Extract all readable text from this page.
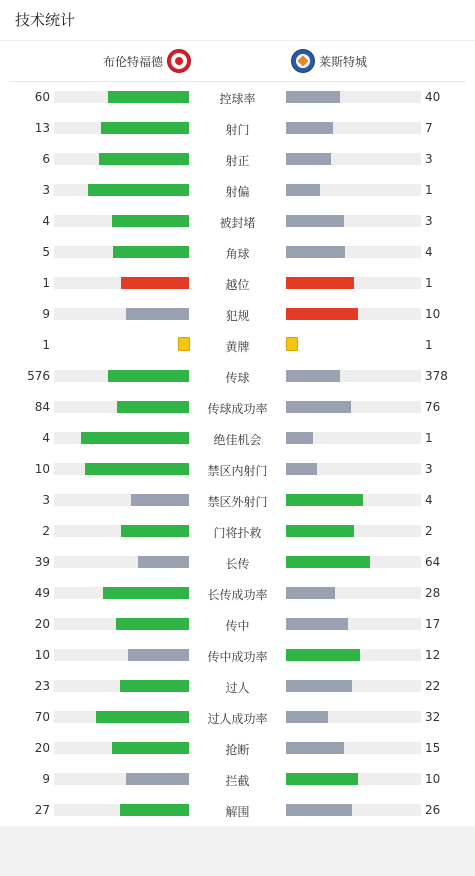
技术统计
布伦特福德	莱斯特城
60	控球率	40
13	射门	7
6	射正	3
3	射偏	1
4	被封堵	3
5	角球	4
1	越位	1
9	犯规	10
1	黄牌	1
576	传球	378
84	传球成功率	76
4	绝佳机会	1
10	禁区内射门	3
3	禁区外射门	4
2	门将扑救	2
39	长传	64
49	长传成功率	28
20	传中	17
10	传中成功率	12
23	过人	22
70	过人成功率	32
20	抢断	15
9	拦截	10
27	解围	26
